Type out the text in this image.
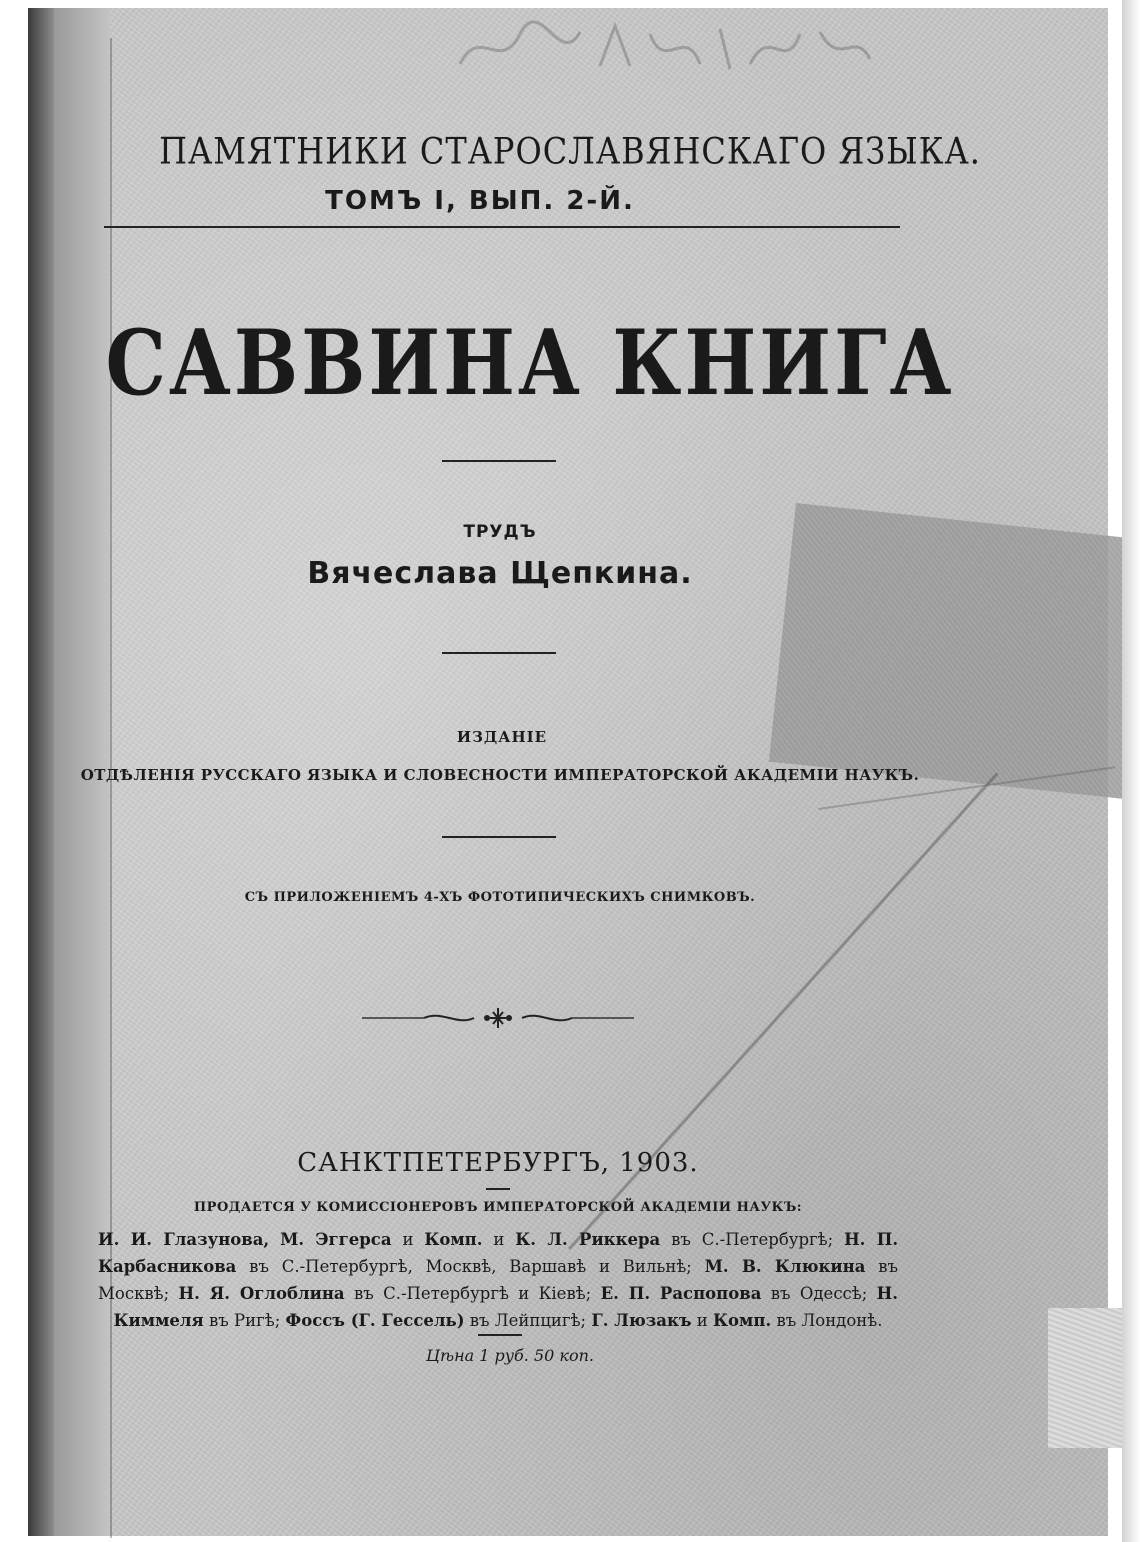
ПАМЯТНИКИ СТАРОСЛАВЯНСКАГО ЯЗЫКА.

ТОМЪ I, ВЫП. 2-Й.

САВВИНА КНИГА

ТРУДЪ

Вячеслава Щепкина.

ИЗДАНІЕ

ОТДѢЛЕНІЯ РУССКАГО ЯЗЫКА И СЛОВЕСНОСТИ ИМПЕРАТОРСКОЙ АКАДЕМІИ НАУКЪ.

СЪ ПРИЛОЖЕНІЕМЪ 4-ХЪ ФОТОТИПИЧЕСКИХЪ СНИМКОВЪ.

САНКТПЕТЕРБУРГЪ, 1903.

ПРОДАЕТСЯ У КОМИССІОНЕРОВЪ ИМПЕРАТОРСКОЙ АКАДЕМІИ НАУКЪ:

И. И. Глазунова, М. Эггерса и Комп. и К. Л. Риккера въ С.-Петербургѣ; Н. П. Карбасникова въ С.-Петербургѣ, Москвѣ, Варшавѣ и Вильнѣ; М. В. Клюкина въ Москвѣ; Н. Я. Оглоблина въ С.-Петербургѣ и Кіевѣ; Е. П. Распопова въ Одессѣ; Н. Киммеля въ Ригѣ; Фоссъ (Г. Гессель) въ Лейпцигѣ; Г. Люзакъ и Комп. въ Лондонѣ.

Цѣна 1 руб. 50 коп.
